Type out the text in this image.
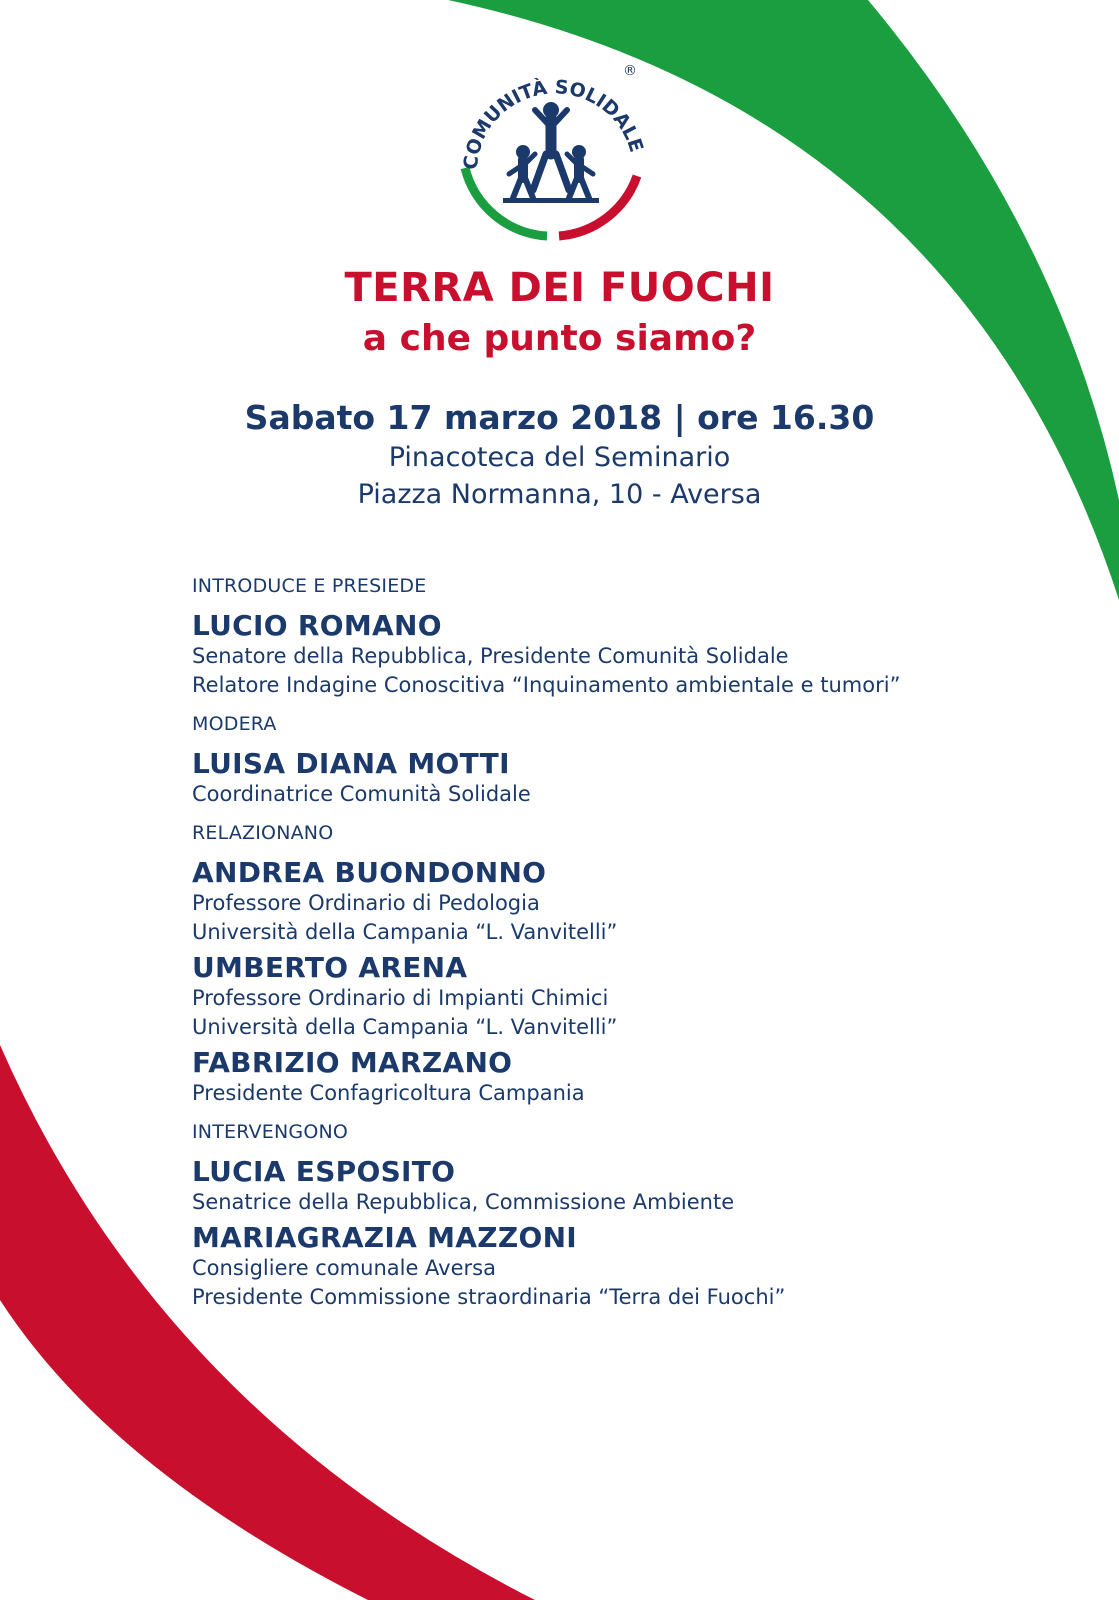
COMUNITÀ SOLIDALE
®
TERRA DEI FUOCHI
a che punto siamo?
Sabato 17 marzo 2018 | ore 16.30
Pinacoteca del Seminario
Piazza Normanna, 10 - Aversa

INTRODUCE E PRESIEDE

LUCIO ROMANO

Senatore della Repubblica, Presidente Comunità Solidale

Relatore Indagine Conoscitiva “Inquinamento ambientale e tumori”

MODERA

LUISA DIANA MOTTI

Coordinatrice Comunità Solidale

RELAZIONANO

ANDREA BUONDONNO

Professore Ordinario di Pedologia

Università della Campania “L. Vanvitelli”

UMBERTO ARENA

Professore Ordinario di Impianti Chimici

Università della Campania “L. Vanvitelli”

FABRIZIO MARZANO

Presidente Confagricoltura Campania

INTERVENGONO

LUCIA ESPOSITO

Senatrice della Repubblica, Commissione Ambiente

MARIAGRAZIA MAZZONI

Consigliere comunale Aversa

Presidente Commissione straordinaria “Terra dei Fuochi”
